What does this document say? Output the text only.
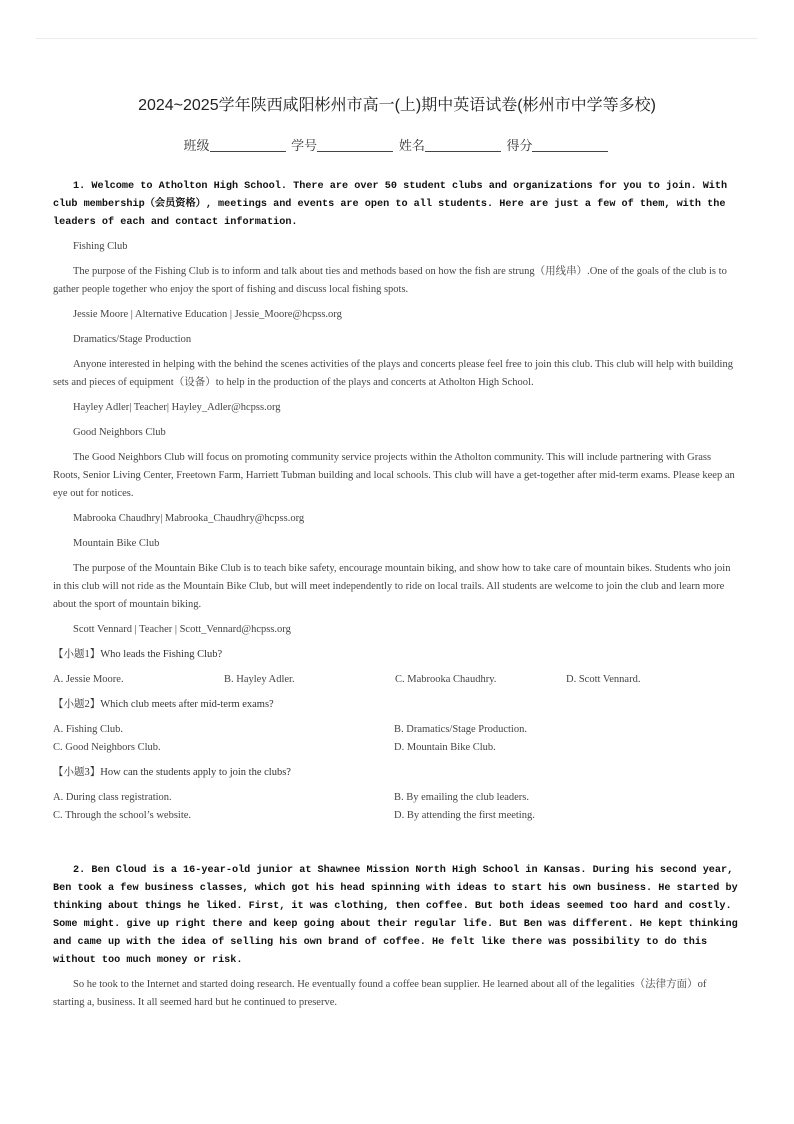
2024~2025学年陕西咸阳彬州市高一(上)期中英语试卷(彬州市中学等多校)
班级	学号	姓名	得分
1. Welcome to Atholton High School. There are over 50 student clubs and organizations for you to join. With club membership（会员资格）, meetings and events are open to all students. Here are just a few of them, with the leaders of each and contact information.

Fishing Club

The purpose of the Fishing Club is to inform and talk about ties and methods based on how the fish are strung（用线串）.One of the goals of the club is to gather people together who enjoy the sport of fishing and discuss local fishing spots.

Jessie Moore | Alternative Education | Jessie_Moore@hcpss.org

Dramatics/Stage Production

Anyone interested in helping with the behind the scenes activities of the plays and concerts please feel free to join this club. This club will help with building sets and pieces of equipment（设备）to help in the production of the plays and concerts at Atholton High School.

Hayley Adler| Teacher| Hayley_Adler@hcpss.org

Good Neighbors Club

The Good Neighbors Club will focus on promoting community service projects within the Atholton community. This will include partnering with Grass Roots, Senior Living Center, Freetown Farm, Harriett Tubman building and local schools. This club will have a get-together after mid-term exams. Please keep an eye out for notices.

Mabrooka Chaudhry| Mabrooka_Chaudhry@hcpss.org

Mountain Bike Club

The purpose of the Mountain Bike Club is to teach bike safety, encourage mountain biking, and show how to take care of mountain bikes. Students who join in this club will not ride as the Mountain Bike Club, but will meet independently to ride on local trails. All students are welcome to join the club and learn more about the sport of mountain biking.

Scott Vennard | Teacher | Scott_Vennard@hcpss.org

【小题1】Who leads the Fishing Club?
A. Jessie Moore.	B. Hayley Adler.	C. Mabrooka Chaudhry.	D. Scott Vennard.
【小题2】Which club meets after mid-term exams?
A. Fishing Club.	B. Dramatics/Stage Production.
C. Good Neighbors Club.	D. Mountain Bike Club.
【小题3】How can the students apply to join the clubs?
A. During class registration.	B. By emailing the club leaders.
C. Through the school’s website.	D. By attending the first meeting.
2. Ben Cloud is a 16-year-old junior at Shawnee Mission North High School in Kansas. During his second year, Ben took a few business classes, which got his head spinning with ideas to start his own business. He started by thinking about things he liked. First, it was clothing, then coffee. But both ideas seemed too hard and costly. Some might. give up right there and keep going about their regular life. But Ben was different. He kept thinking and came up with the idea of selling his own brand of coffee. He felt like there was possibility to do this without too much money or risk.

So he took to the Internet and started doing research. He eventually found a coffee bean supplier. He learned about all of the legalities（法律方面）of starting a, business. It all seemed hard but he continued to preserve.
